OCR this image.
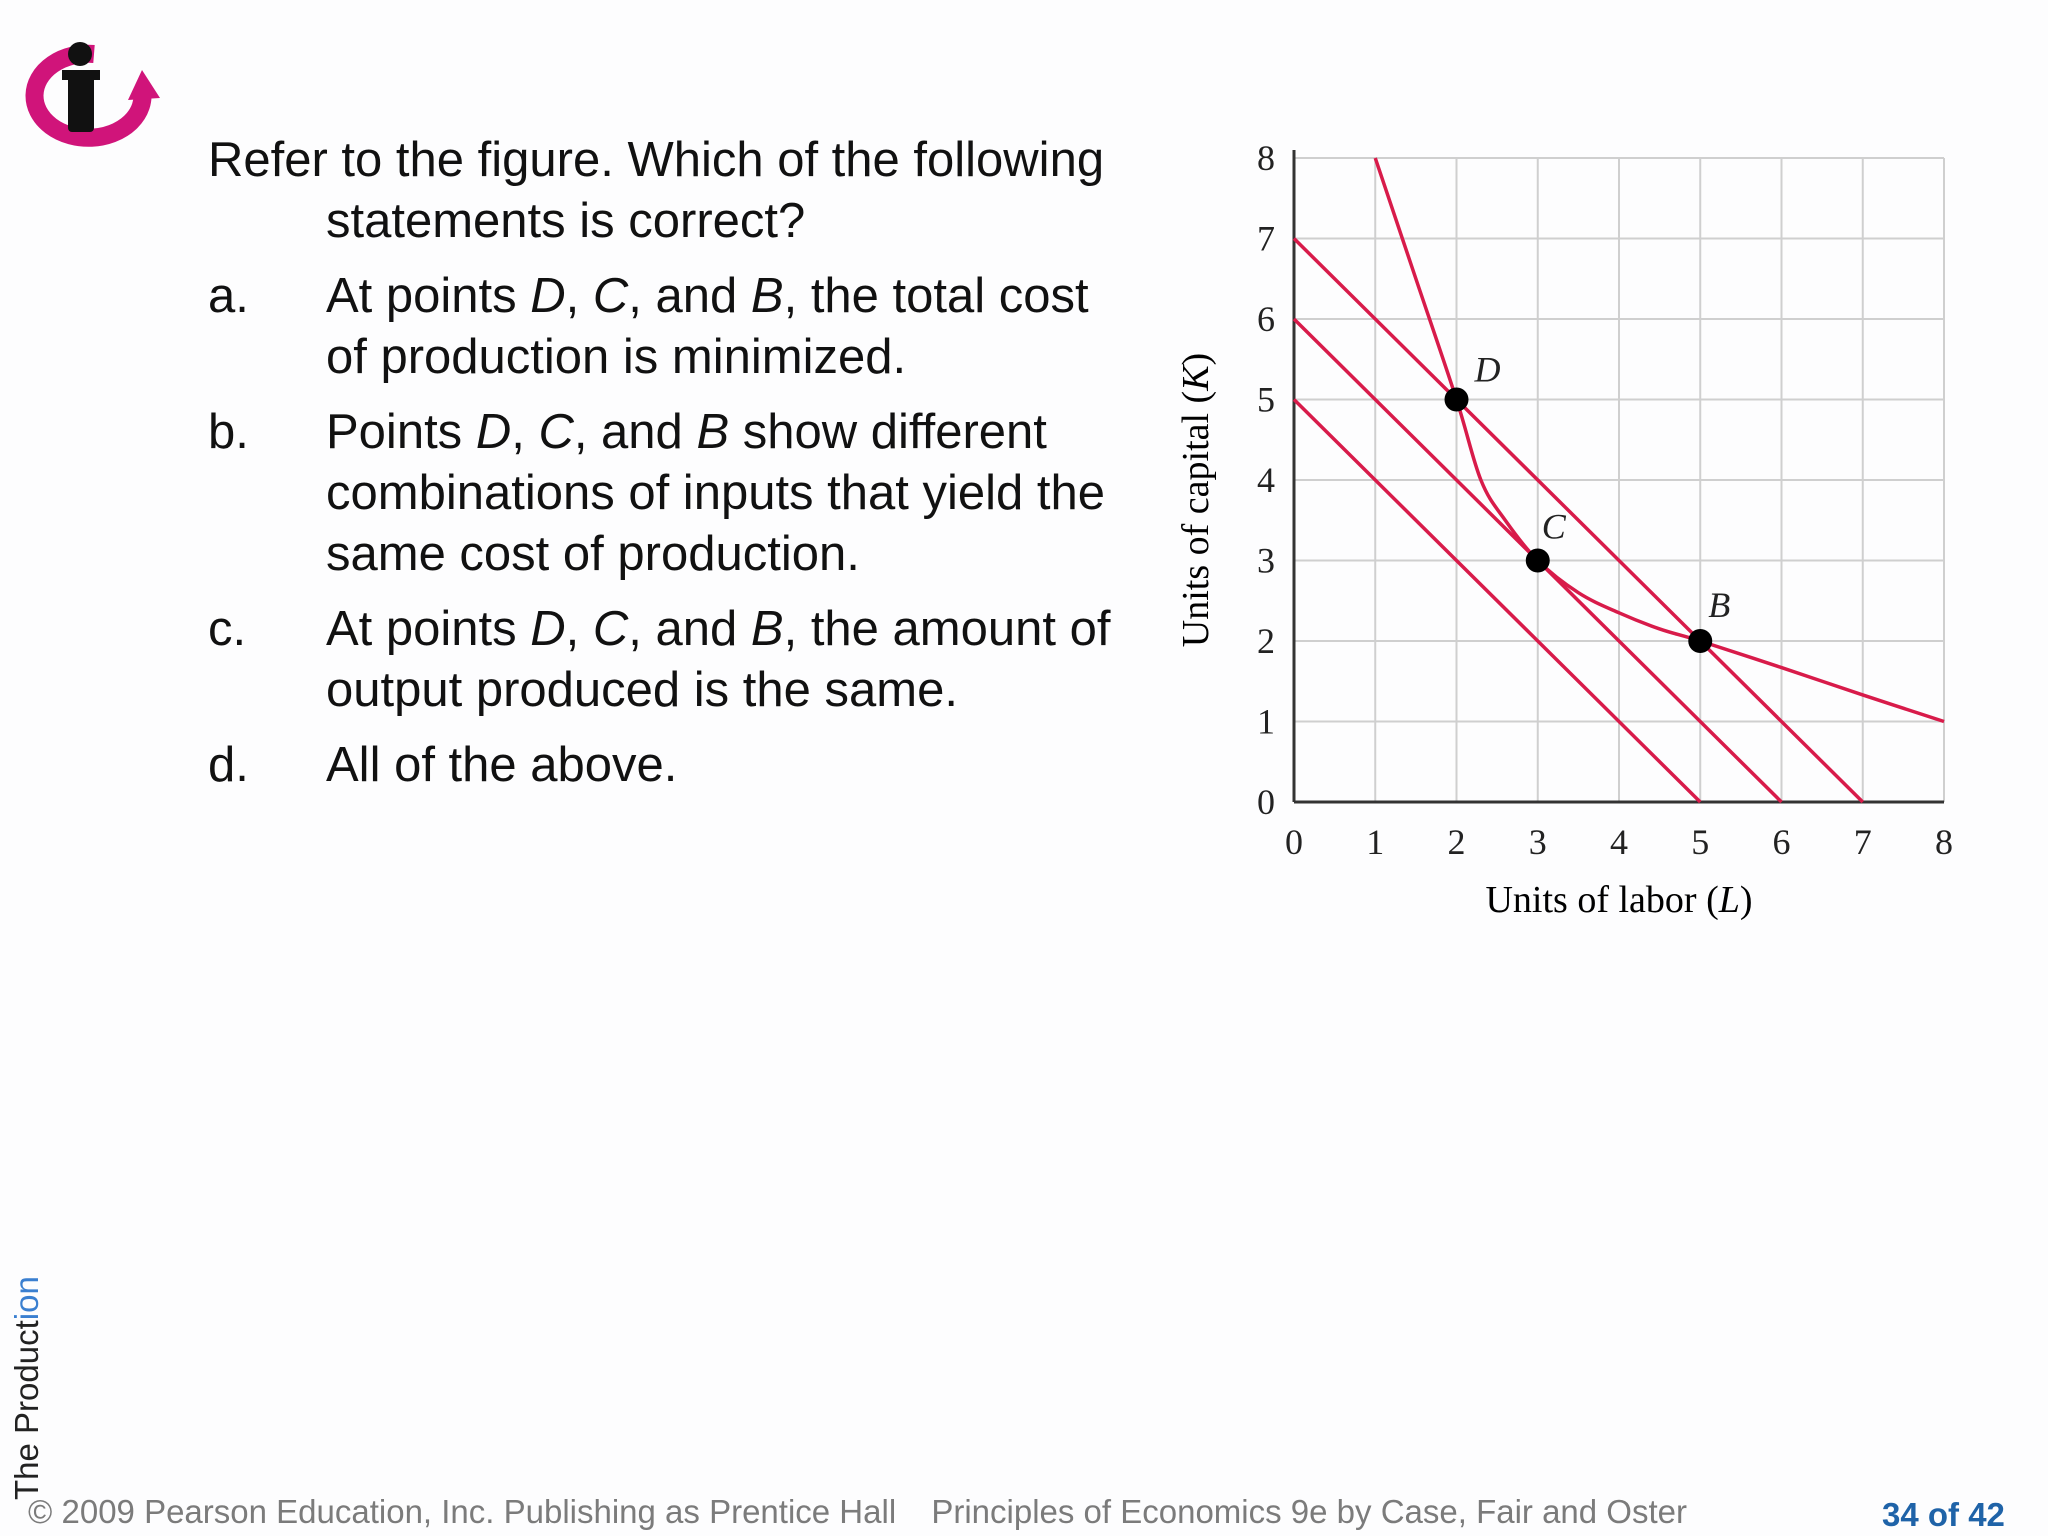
Refer to the figure. Which of the following
statements is correct?
a. At points D, C, and B, the total cost
of production is minimized.
b. Points D, C, and B show different
combinations of inputs that yield the
same cost of production.
c. At points D, C, and B, the amount of
output produced is the same.
d. All of the above.
D
C
B
0 1 2 3 4 5 6 7 8
0
1
2
3
4
5
6
7
8
Units of labor (L)
Units of capital (K)
© 2009 Pearson Education, Inc. Publishing as Prentice Hall Principles of Economics 9e by Case, Fair and Oster	34 of 42
The Production
